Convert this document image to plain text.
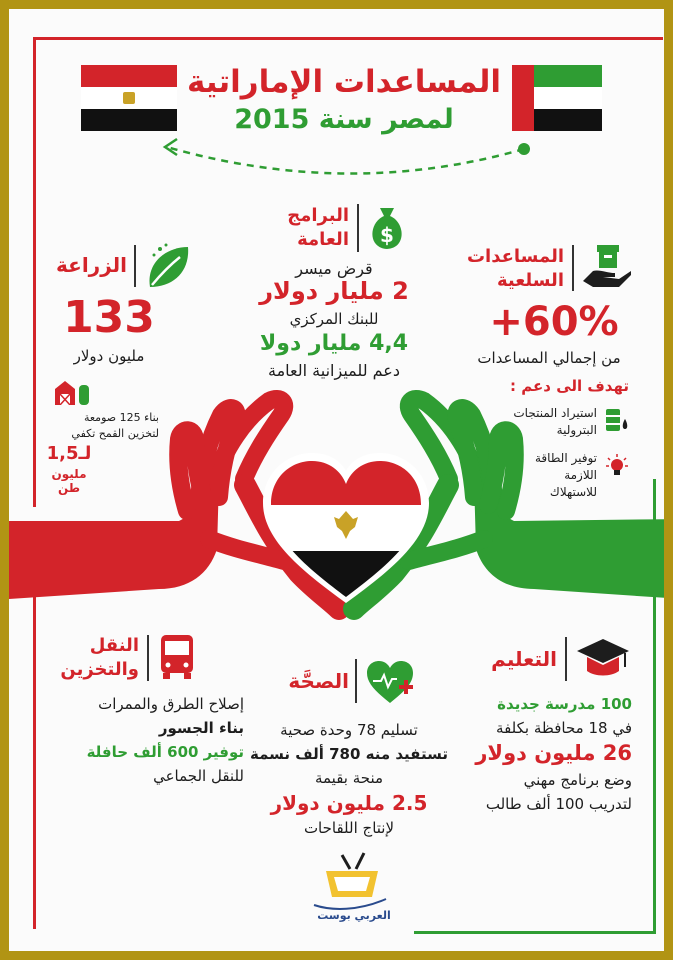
المساعدات الإماراتية
لمصر سنة 2015
$
البرامج
العامة
قرض ميسر
2 مليار دولار
للبنك المركزي
4,4 مليار دولا
دعم للميزانية العامة
الزراعة
133
مليون دولار
بناء 125 صومعة
لتخزين القمح تكفي
لـ1,5
مليون طن
المساعدات
السلعية
+60%
من إجمالي المساعدات
تهدف الى دعم :
استيراد المنتجات
البترولية
توفير الطاقة
اللازمة
للاستهلاك
النقل
والتخزين
إصلاح الطرق والممرات
بناء الجسور
توفير 600 ألف حافلة
للنقل الجماعي
الصحَّة
تسليم 78 وحدة صحية
تستفيد منه 780 ألف نسمة
منحة بقيمة
2.5 مليون دولار
لإنتاج اللقاحات
التعليم
100 مدرسة جديدة
في 18 محافظة بكلفة
26 مليون دولار
وضع برنامج مهني
لتدريب 100 ألف طالب
العربي بوست
